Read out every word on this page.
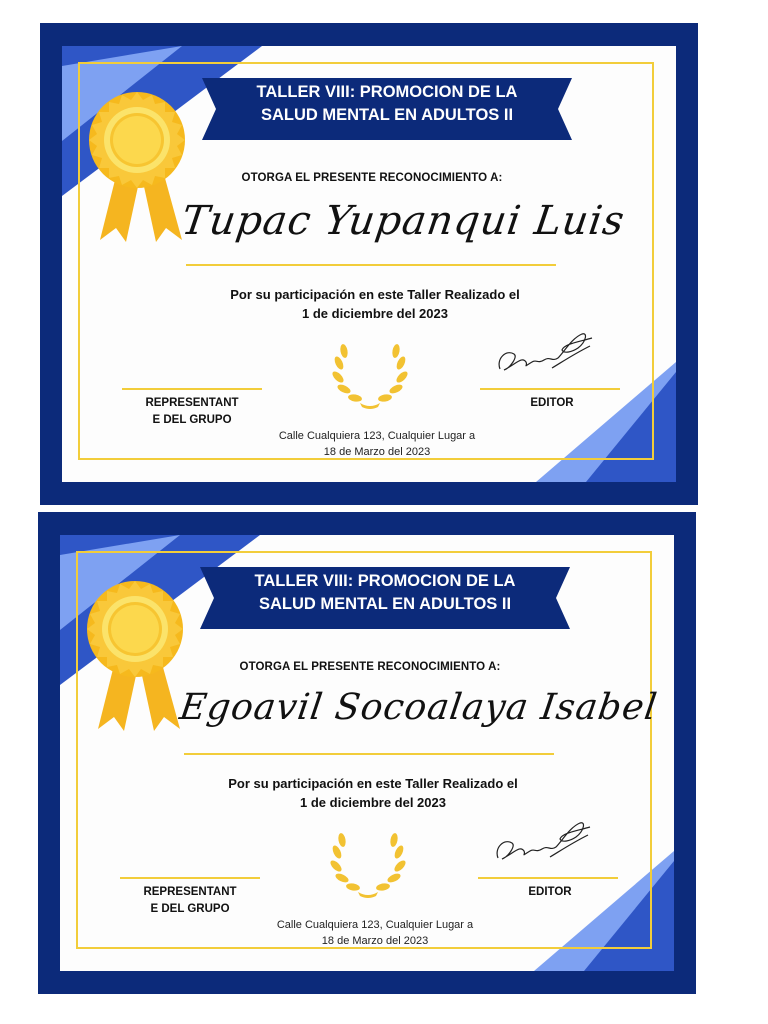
TALLER VIII: PROMOCION DE LA
SALUD MENTAL EN ADULTOS II
OTORGA EL PRESENTE RECONOCIMIENTO A:
Tupac Yupanqui Luis
Por su participación en este Taller Realizado el
1 de diciembre del 2023
REPRESENTANT
E DEL GRUPO
EDITOR
Calle Cualquiera 123, Cualquier Lugar a
18 de Marzo del 2023
TALLER VIII: PROMOCION DE LA
SALUD MENTAL EN ADULTOS II
OTORGA EL PRESENTE RECONOCIMIENTO A:
Egoavil Socoalaya Isabel
Por su participación en este Taller Realizado el
1 de diciembre del 2023
REPRESENTANT
E DEL GRUPO
EDITOR
Calle Cualquiera 123, Cualquier Lugar a
18 de Marzo del 2023
